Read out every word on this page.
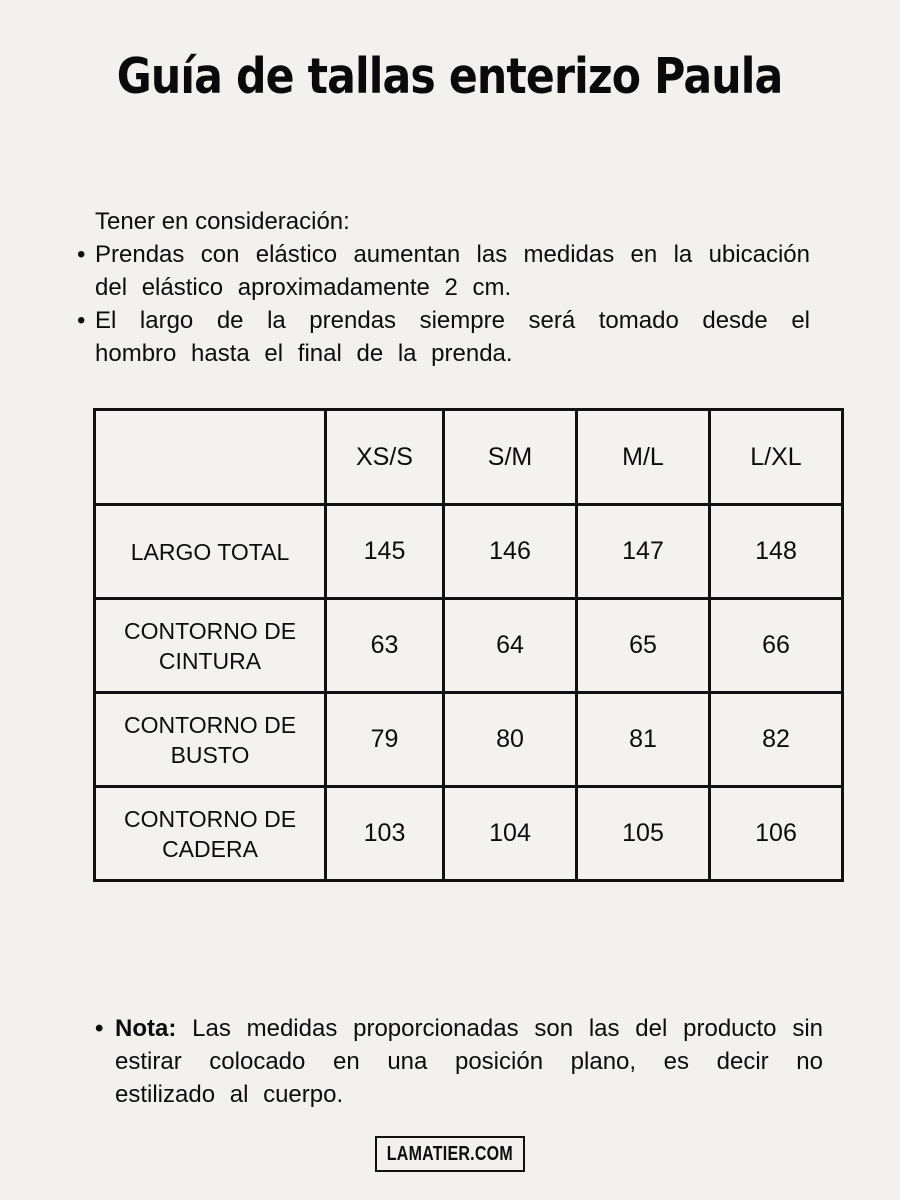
Guía de tallas enterizo Paula

Tener en consideración:

• Prendas con elástico aumentan las medidas en la ubicación del elástico aproximadamente 2 cm.
• El largo de la prendas siempre será tomado desde el hombro hasta el final de la prenda.
	XS/S	S/M	M/L	L/XL
LARGO TOTAL	145	146	147	148
CONTORNO DE CINTURA	63	64	65	66
CONTORNO DE BUSTO	79	80	81	82
CONTORNO DE CADERA	103	104	105	106

• Nota: Las medidas proporcionadas son las del producto sin estirar colocado en una posición plano, es decir no estilizado al cuerpo.

LAMATIER.COM
